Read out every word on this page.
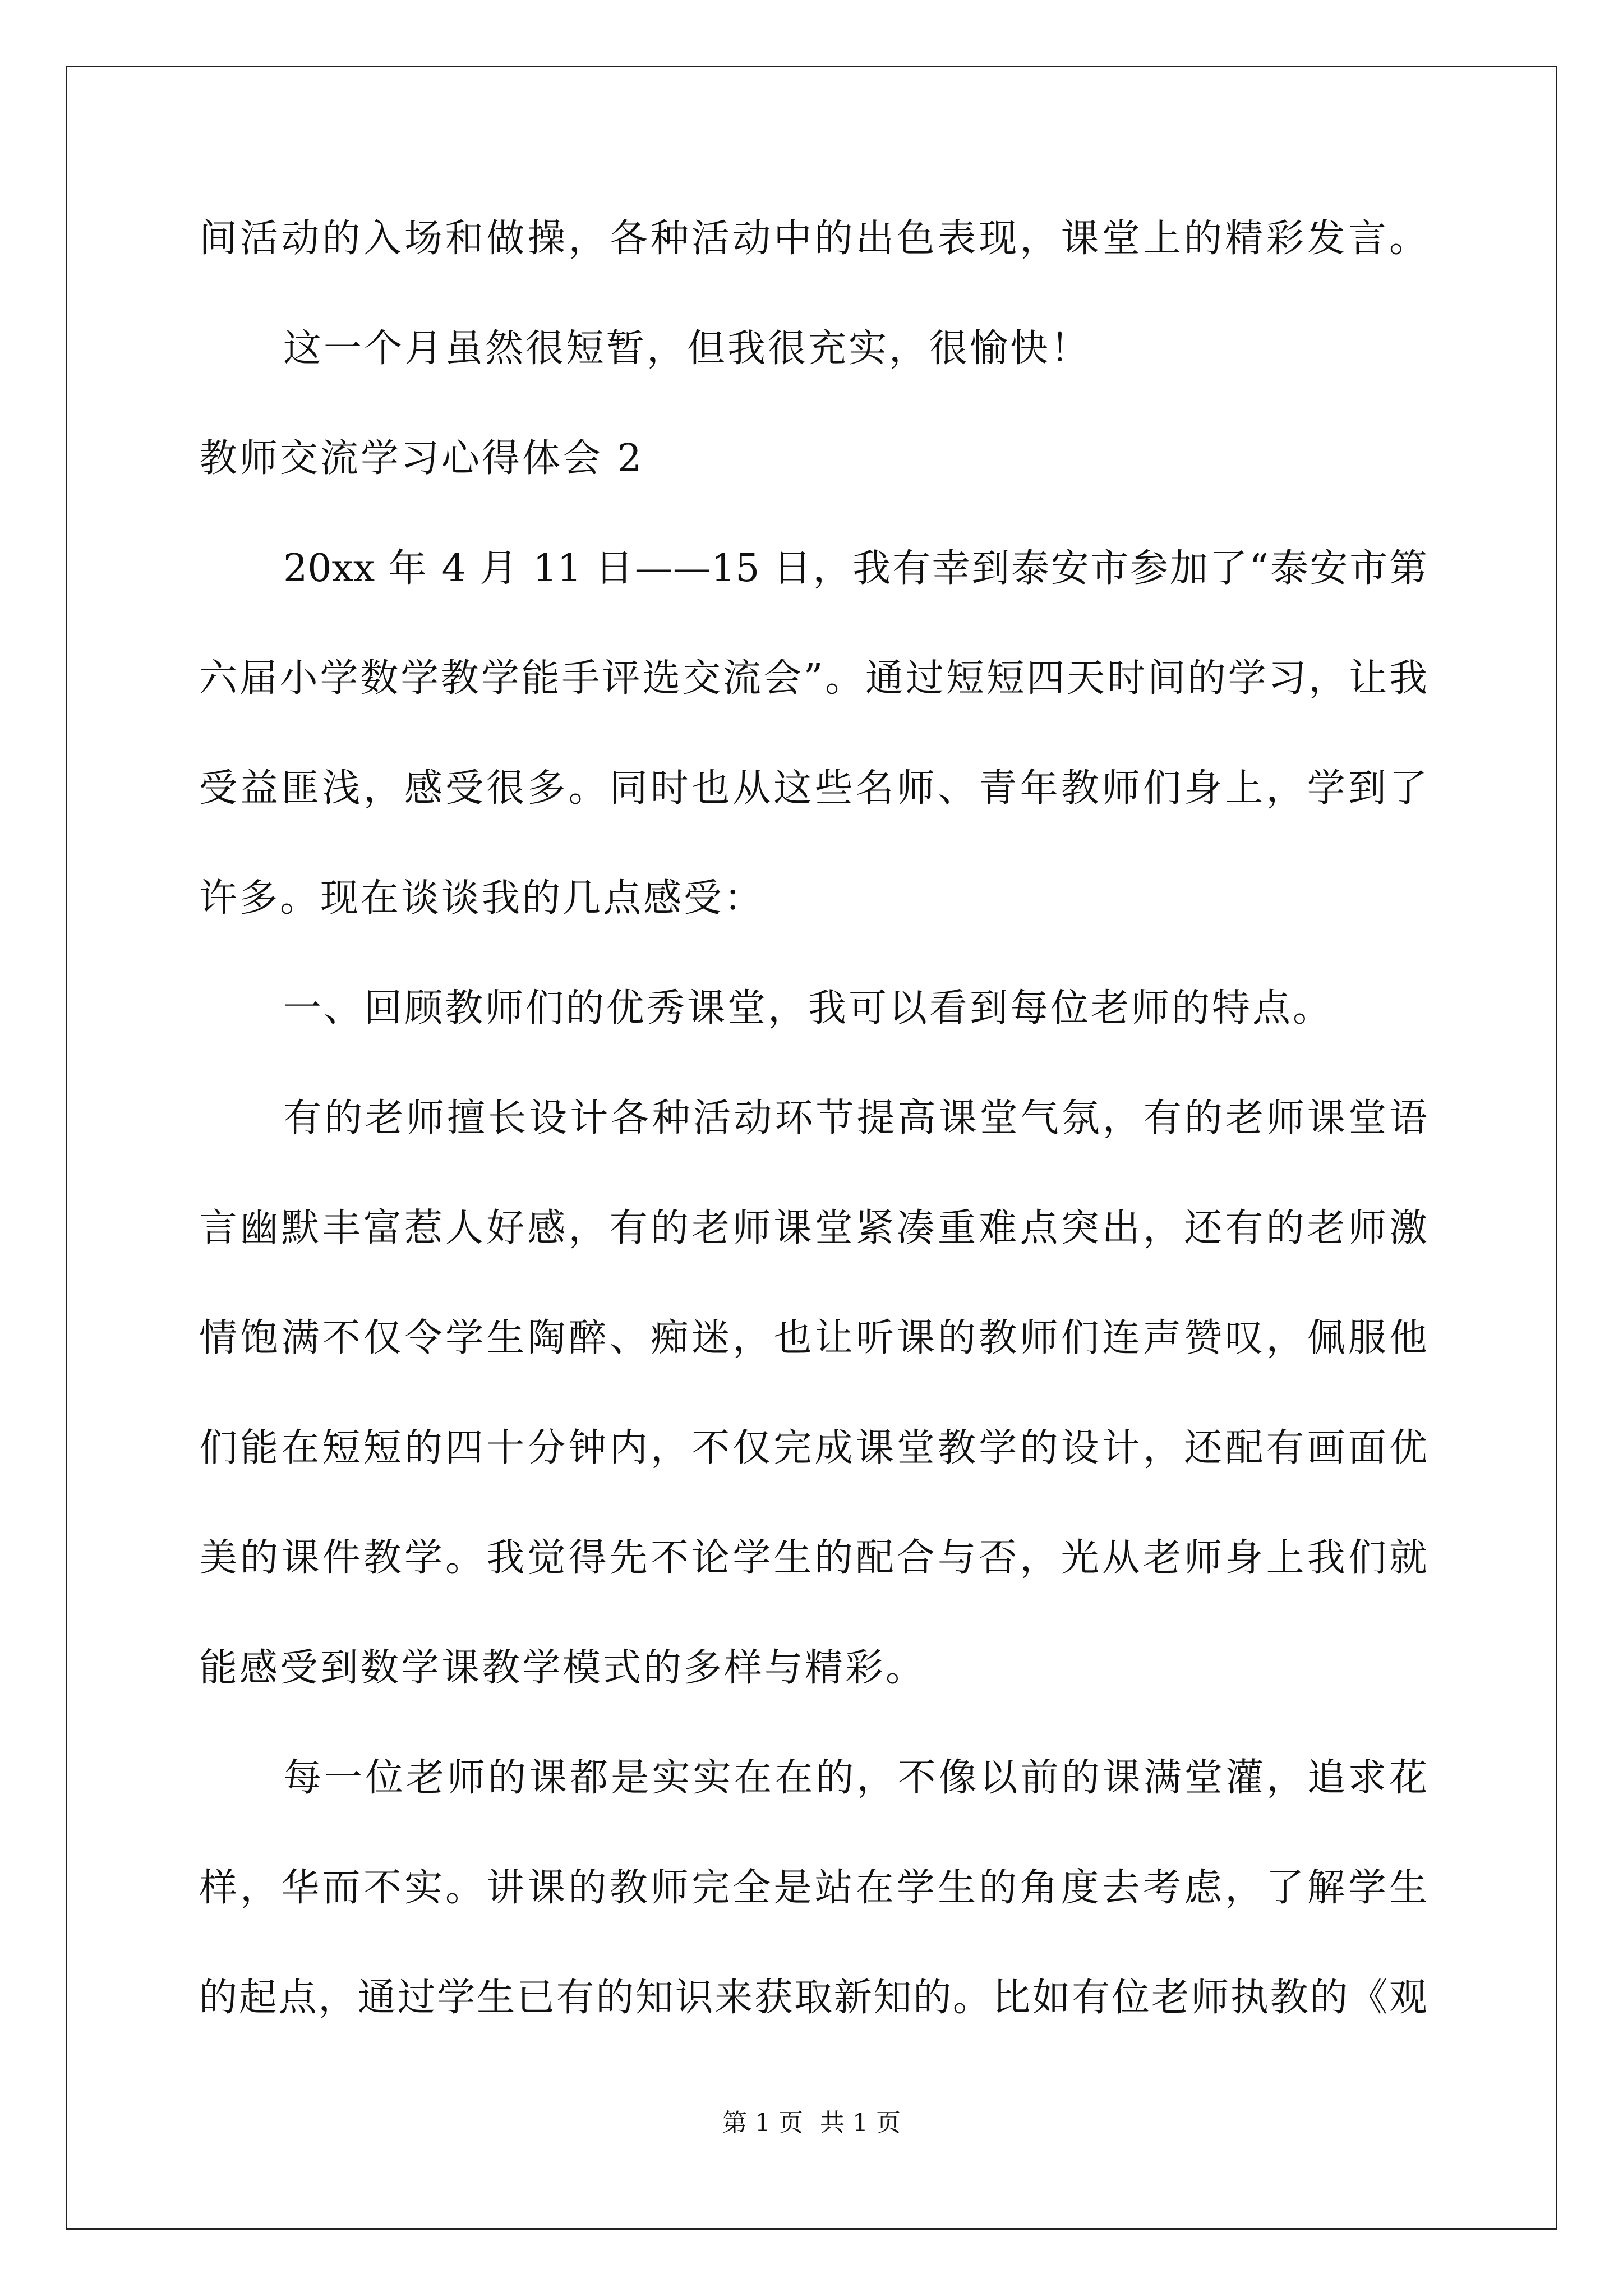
间活动的入场和做操，各种活动中的出色表现，课堂上的精彩发言。
这一个月虽然很短暂，但我很充实，很愉快！
教师交流学习心得体会 2
20xx 年 4 月 11 日——15 日，我有幸到泰安市参加了“泰安市第
六届小学数学教学能手评选交流会”。通过短短四天时间的学习，让我
受益匪浅，感受很多。同时也从这些名师、青年教师们身上，学到了
许多。现在谈谈我的几点感受：
一、回顾教师们的优秀课堂，我可以看到每位老师的特点。
有的老师擅长设计各种活动环节提高课堂气氛，有的老师课堂语
言幽默丰富惹人好感，有的老师课堂紧凑重难点突出，还有的老师激
情饱满不仅令学生陶醉、痴迷，也让听课的教师们连声赞叹，佩服他
们能在短短的四十分钟内，不仅完成课堂教学的设计，还配有画面优
美的课件教学。我觉得先不论学生的配合与否，光从老师身上我们就
能感受到数学课教学模式的多样与精彩。
每一位老师的课都是实实在在的，不像以前的课满堂灌，追求花
样，华而不实。讲课的教师完全是站在学生的角度去考虑，了解学生
的起点，通过学生已有的知识来获取新知的。比如有位老师执教的《观
第 1 页 共 1 页
